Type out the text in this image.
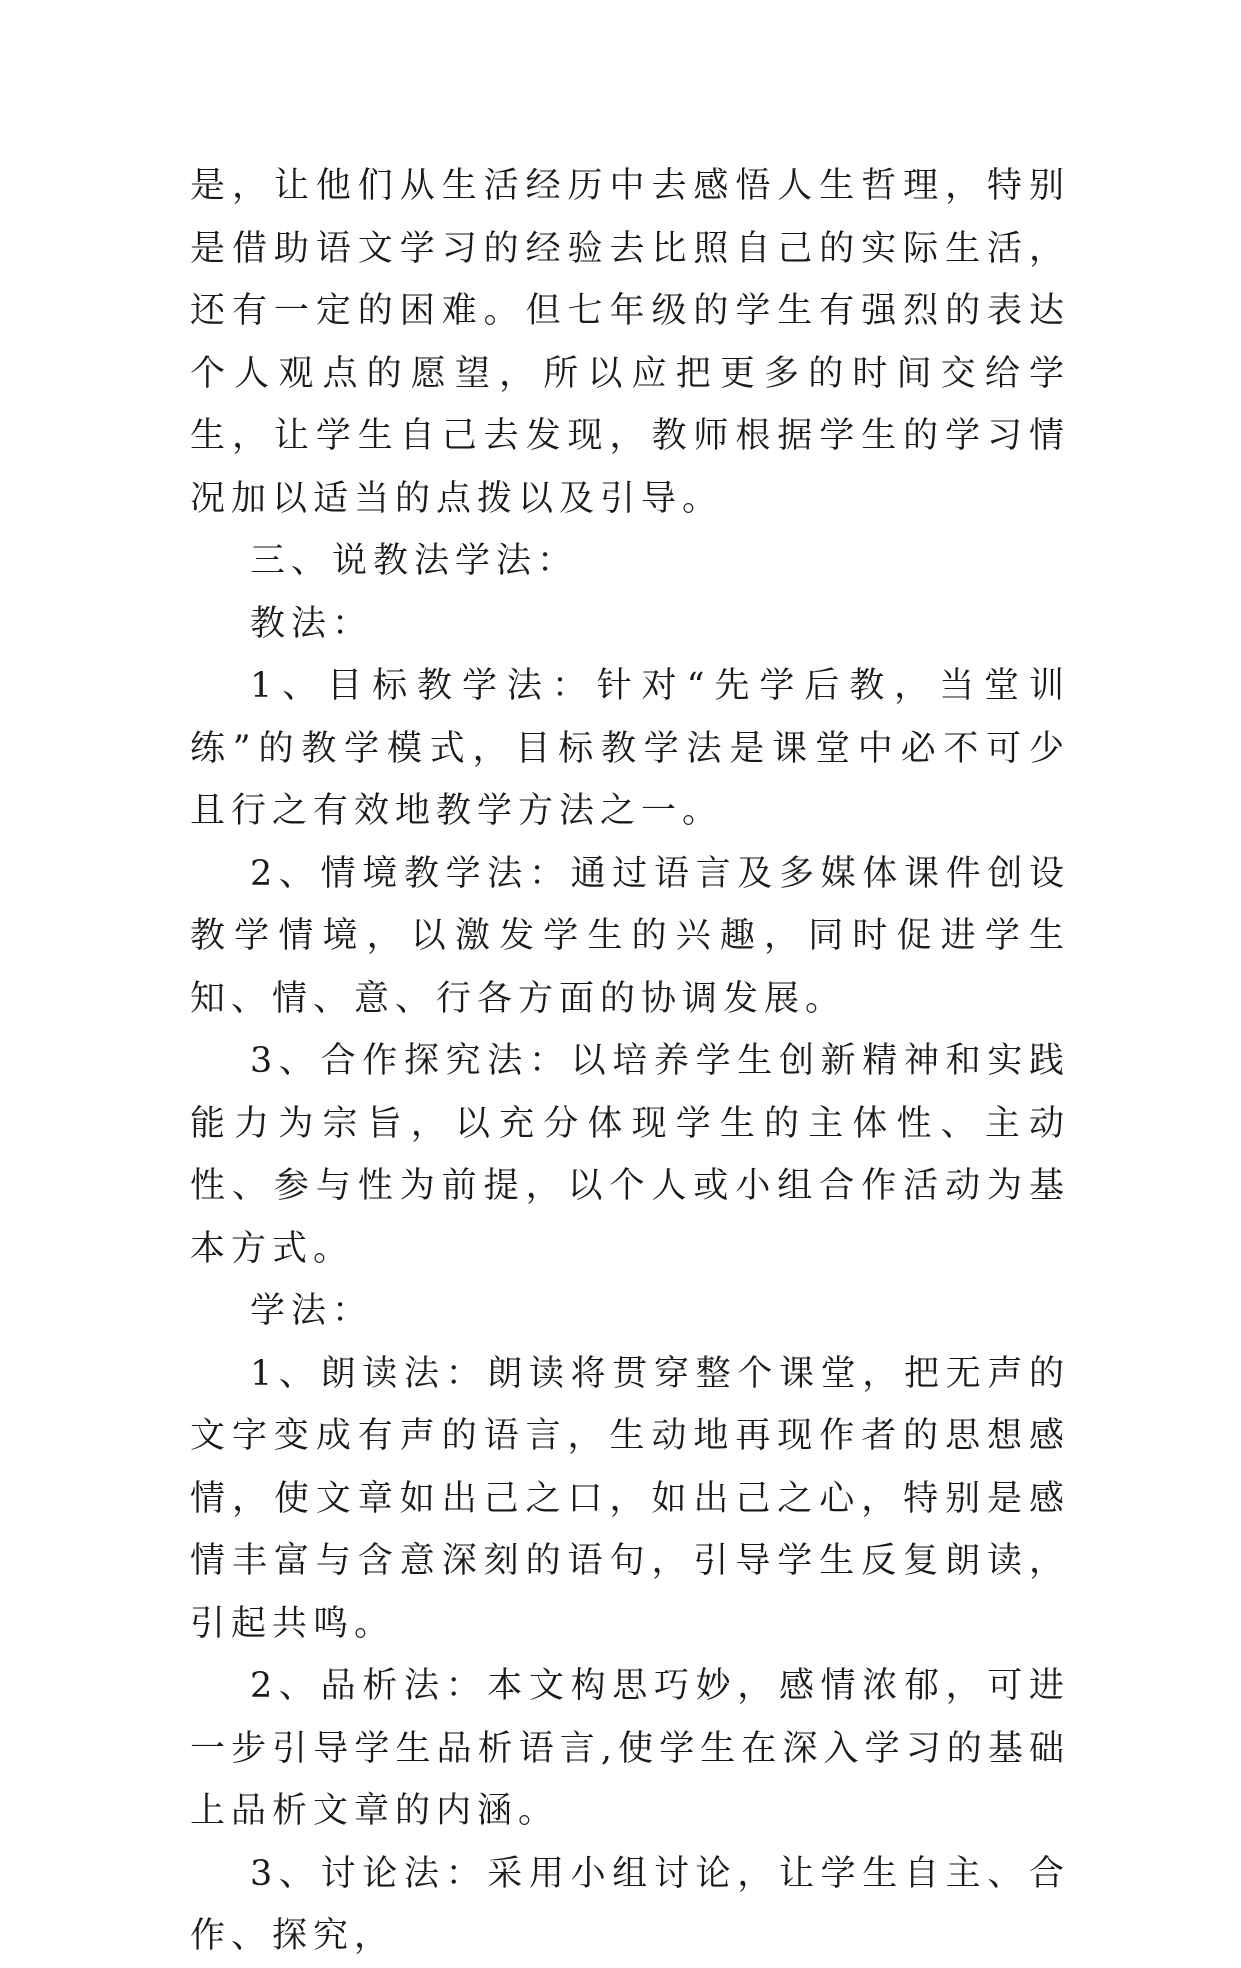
是，让他们从生活经历中去感悟人生哲理，特别是借助语文学习的经验去比照自己的实际生活，还有一定的困难。但七年级的学生有强烈的表达个人观点的愿望，所以应把更多的时间交给学生，让学生自己去发现，教师根据学生的学习情况加以适当的点拨以及引导。

三、说教法学法：

教法：

1、目标教学法：针对“先学后教，当堂训练”的教学模式，目标教学法是课堂中必不可少且行之有效地教学方法之一。

2、情境教学法：通过语言及多媒体课件创设教学情境，以激发学生的兴趣，同时促进学生知、情、意、行各方面的协调发展。

3、合作探究法：以培养学生创新精神和实践能力为宗旨，以充分体现学生的主体性、主动性、参与性为前提，以个人或小组合作活动为基本方式。

学法：

1、朗读法：朗读将贯穿整个课堂，把无声的文字变成有声的语言，生动地再现作者的思想感情，使文章如出己之口，如出己之心，特别是感情丰富与含意深刻的语句，引导学生反复朗读，引起共鸣。

2、品析法：本文构思巧妙，感情浓郁，可进一步引导学生品析语言,使学生在深入学习的基础上品析文章的内涵。

3、讨论法：采用小组讨论，让学生自主、合作、探究，
